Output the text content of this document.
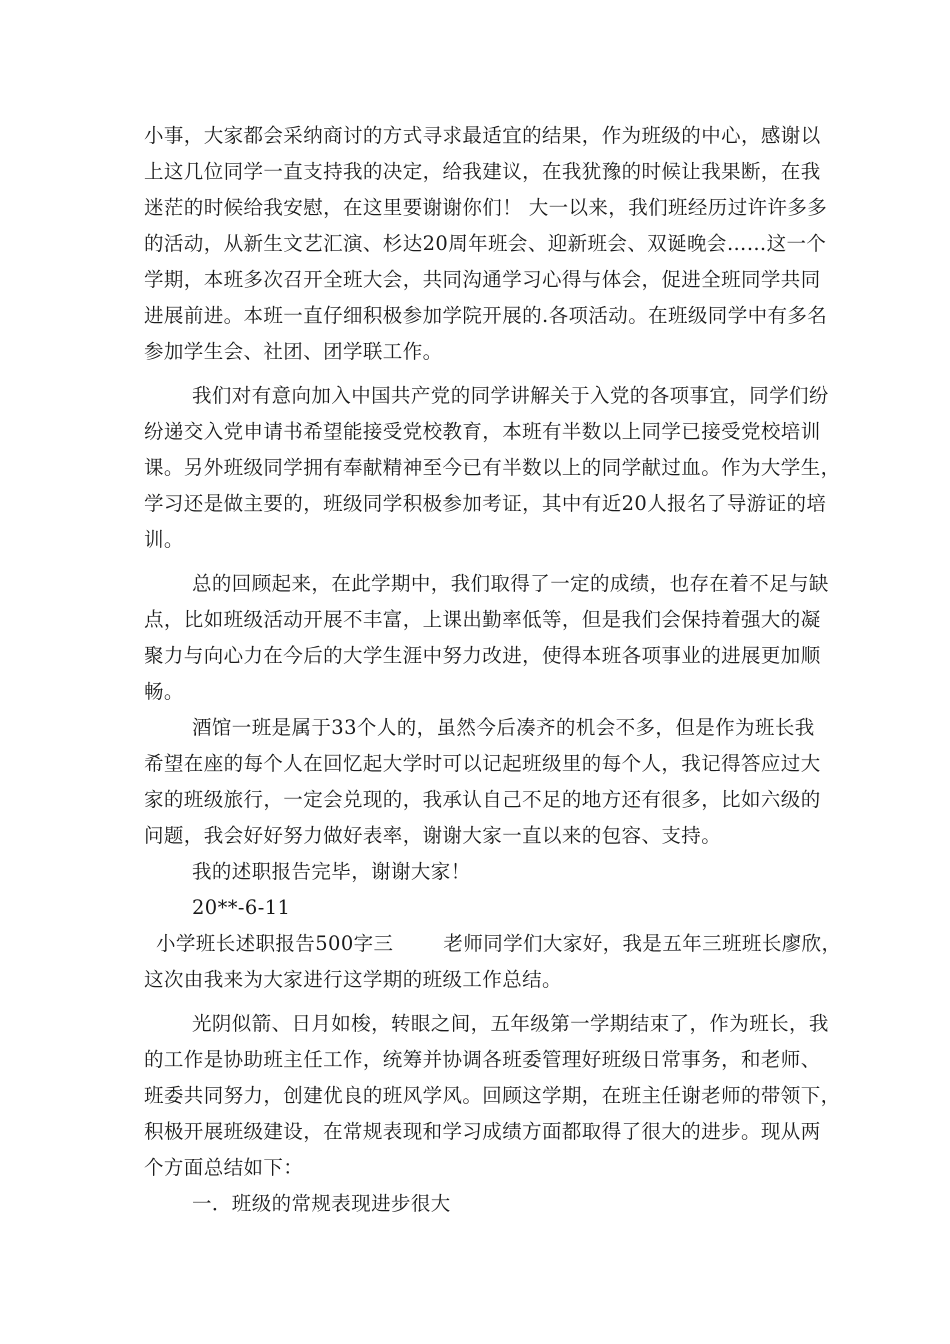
小事，大家都会采纳商讨的方式寻求最适宜的结果，作为班级的中心，感谢以
上这几位同学一直支持我的决定，给我建议，在我犹豫的时候让我果断，在我
迷茫的时候给我安慰，在这里要谢谢你们！ 大一以来，我们班经历过许许多多
的活动，从新生文艺汇演、杉达20周年班会、迎新班会、双诞晚会……这一个
学期，本班多次召开全班大会，共同沟通学习心得与体会，促进全班同学共同
进展前进。本班一直仔细积极参加学院开展的.各项活动。在班级同学中有多名
参加学生会、社团、团学联工作。
我们对有意向加入中国共产党的同学讲解关于入党的各项事宜，同学们纷
纷递交入党申请书希望能接受党校教育，本班有半数以上同学已接受党校培训
课。另外班级同学拥有奉献精神至今已有半数以上的同学献过血。作为大学生，
学习还是做主要的，班级同学积极参加考证，其中有近20人报名了导游证的培
训。
总的回顾起来，在此学期中，我们取得了一定的成绩，也存在着不足与缺
点，比如班级活动开展不丰富，上课出勤率低等，但是我们会保持着强大的凝
聚力与向心力在今后的大学生涯中努力改进，使得本班各项事业的进展更加顺
畅。
酒馆一班是属于33个人的，虽然今后凑齐的机会不多，但是作为班长我
希望在座的每个人在回忆起大学时可以记起班级里的每个人，我记得答应过大
家的班级旅行，一定会兑现的，我承认自己不足的地方还有很多，比如六级的
问题，我会好好努力做好表率，谢谢大家一直以来的包容、支持。
我的述职报告完毕，谢谢大家！
20**-6-11
小学班长述职报告500字三	老师同学们大家好，我是五年三班班长廖欣，
这次由我来为大家进行这学期的班级工作总结。
光阴似箭、日月如梭，转眼之间，五年级第一学期结束了，作为班长，我
的工作是协助班主任工作，统筹并协调各班委管理好班级日常事务，和老师、
班委共同努力，创建优良的班风学风。回顾这学期，在班主任谢老师的带领下，
积极开展班级建设，在常规表现和学习成绩方面都取得了很大的进步。现从两
个方面总结如下：
一．班级的常规表现进步很大
